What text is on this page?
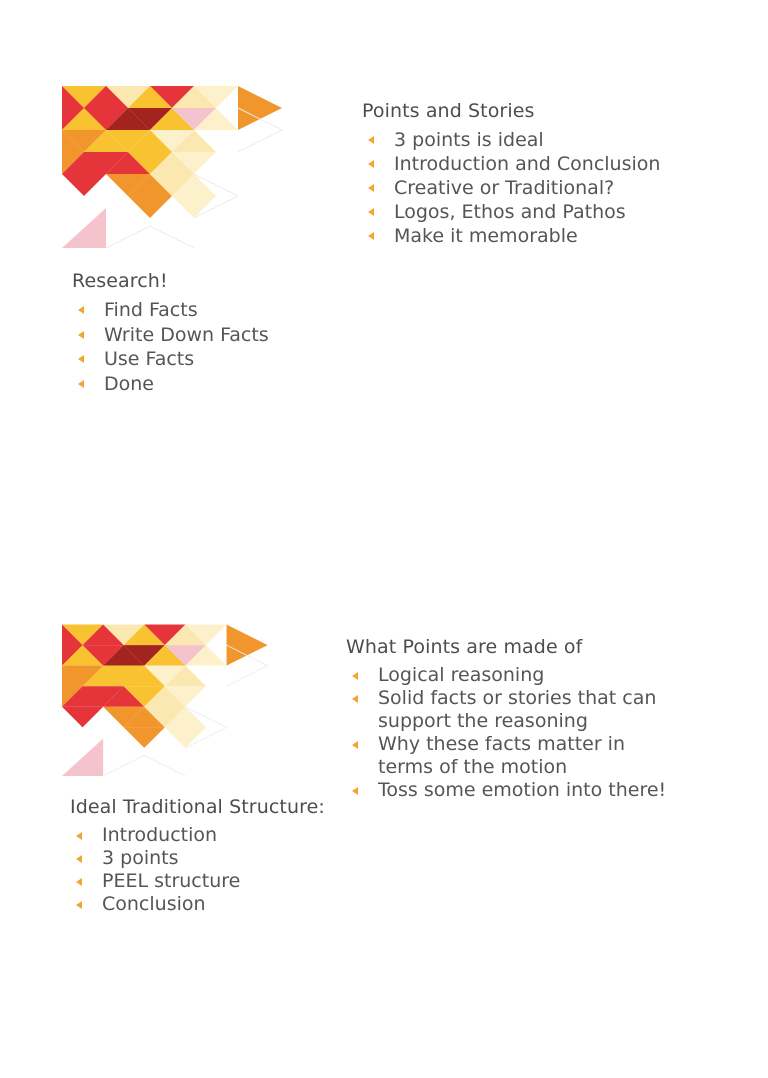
Points and Stories
3 points is ideal
Introduction and Conclusion
Creative or Traditional?
Logos, Ethos and Pathos
Make it memorable
Research!
Find Facts
Write Down Facts
Use Facts
Done
What Points are made of
Logical reasoning
Solid facts or stories that can support the reasoning
Why these facts matter in terms of the motion
Toss some emotion into there!
Ideal Traditional Structure:
Introduction
3 points
PEEL structure
Conclusion
